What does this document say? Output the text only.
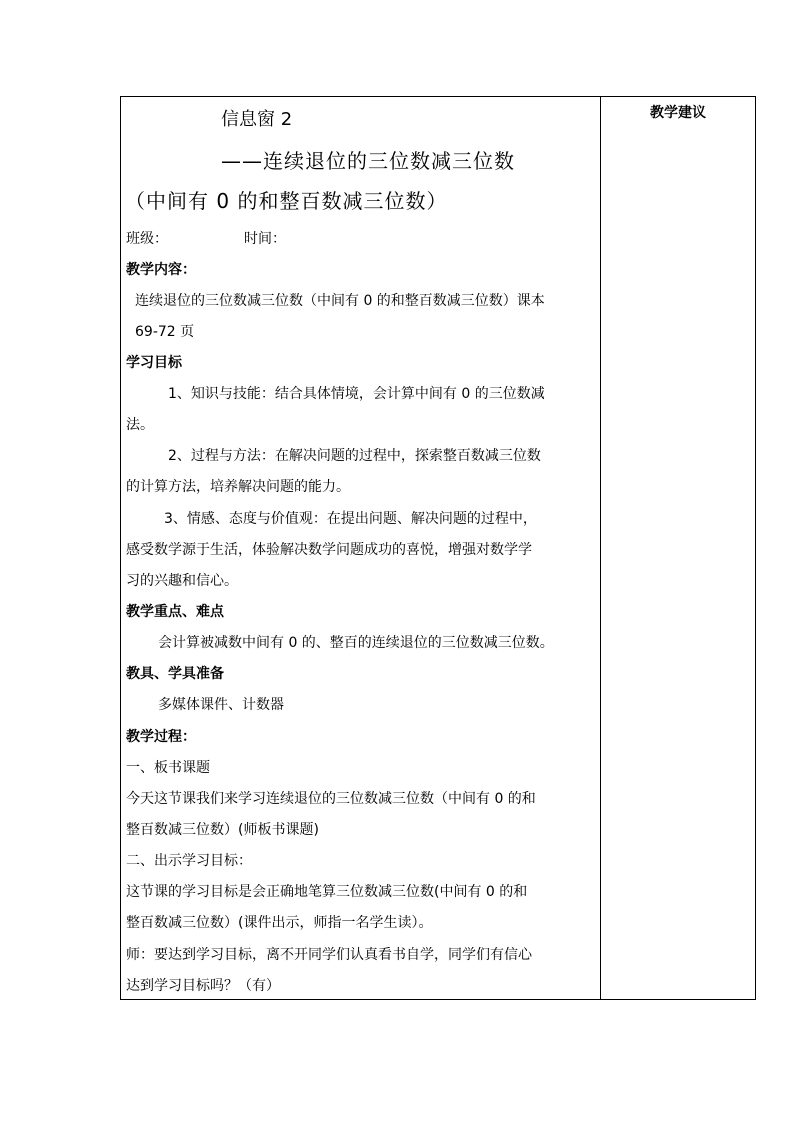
信息窗 2
——连续退位的三位数减三位数
（中间有 0 的和整百数减三位数）
班级：	时间：
教学内容：
连续退位的三位数减三位数（中间有 0 的和整百数减三位数）课本
69-72 页
学习目标
1、知识与技能：结合具体情境，会计算中间有 0 的三位数减
法。
2、过程与方法：在解决问题的过程中，探索整百数减三位数
的计算方法，培养解决问题的能力。
3、情感、态度与价值观：在提出问题、解决问题的过程中，
感受数学源于生活，体验解决数学问题成功的喜悦，增强对数学学
习的兴趣和信心。
教学重点、难点
会计算被减数中间有 0 的、整百的连续退位的三位数减三位数。
教具、学具准备
多媒体课件、计数器
教学过程：
一、板书课题
今天这节课我们来学习连续退位的三位数减三位数（中间有 0 的和
整百数减三位数）(师板书课题)
二、出示学习目标：
这节课的学习目标是会正确地笔算三位数减三位数(中间有 0 的和
整百数减三位数）(课件出示，师指一名学生读）。
师：要达到学习目标，离不开同学们认真看书自学，同学们有信心
达到学习目标吗？（有）
教学建议
